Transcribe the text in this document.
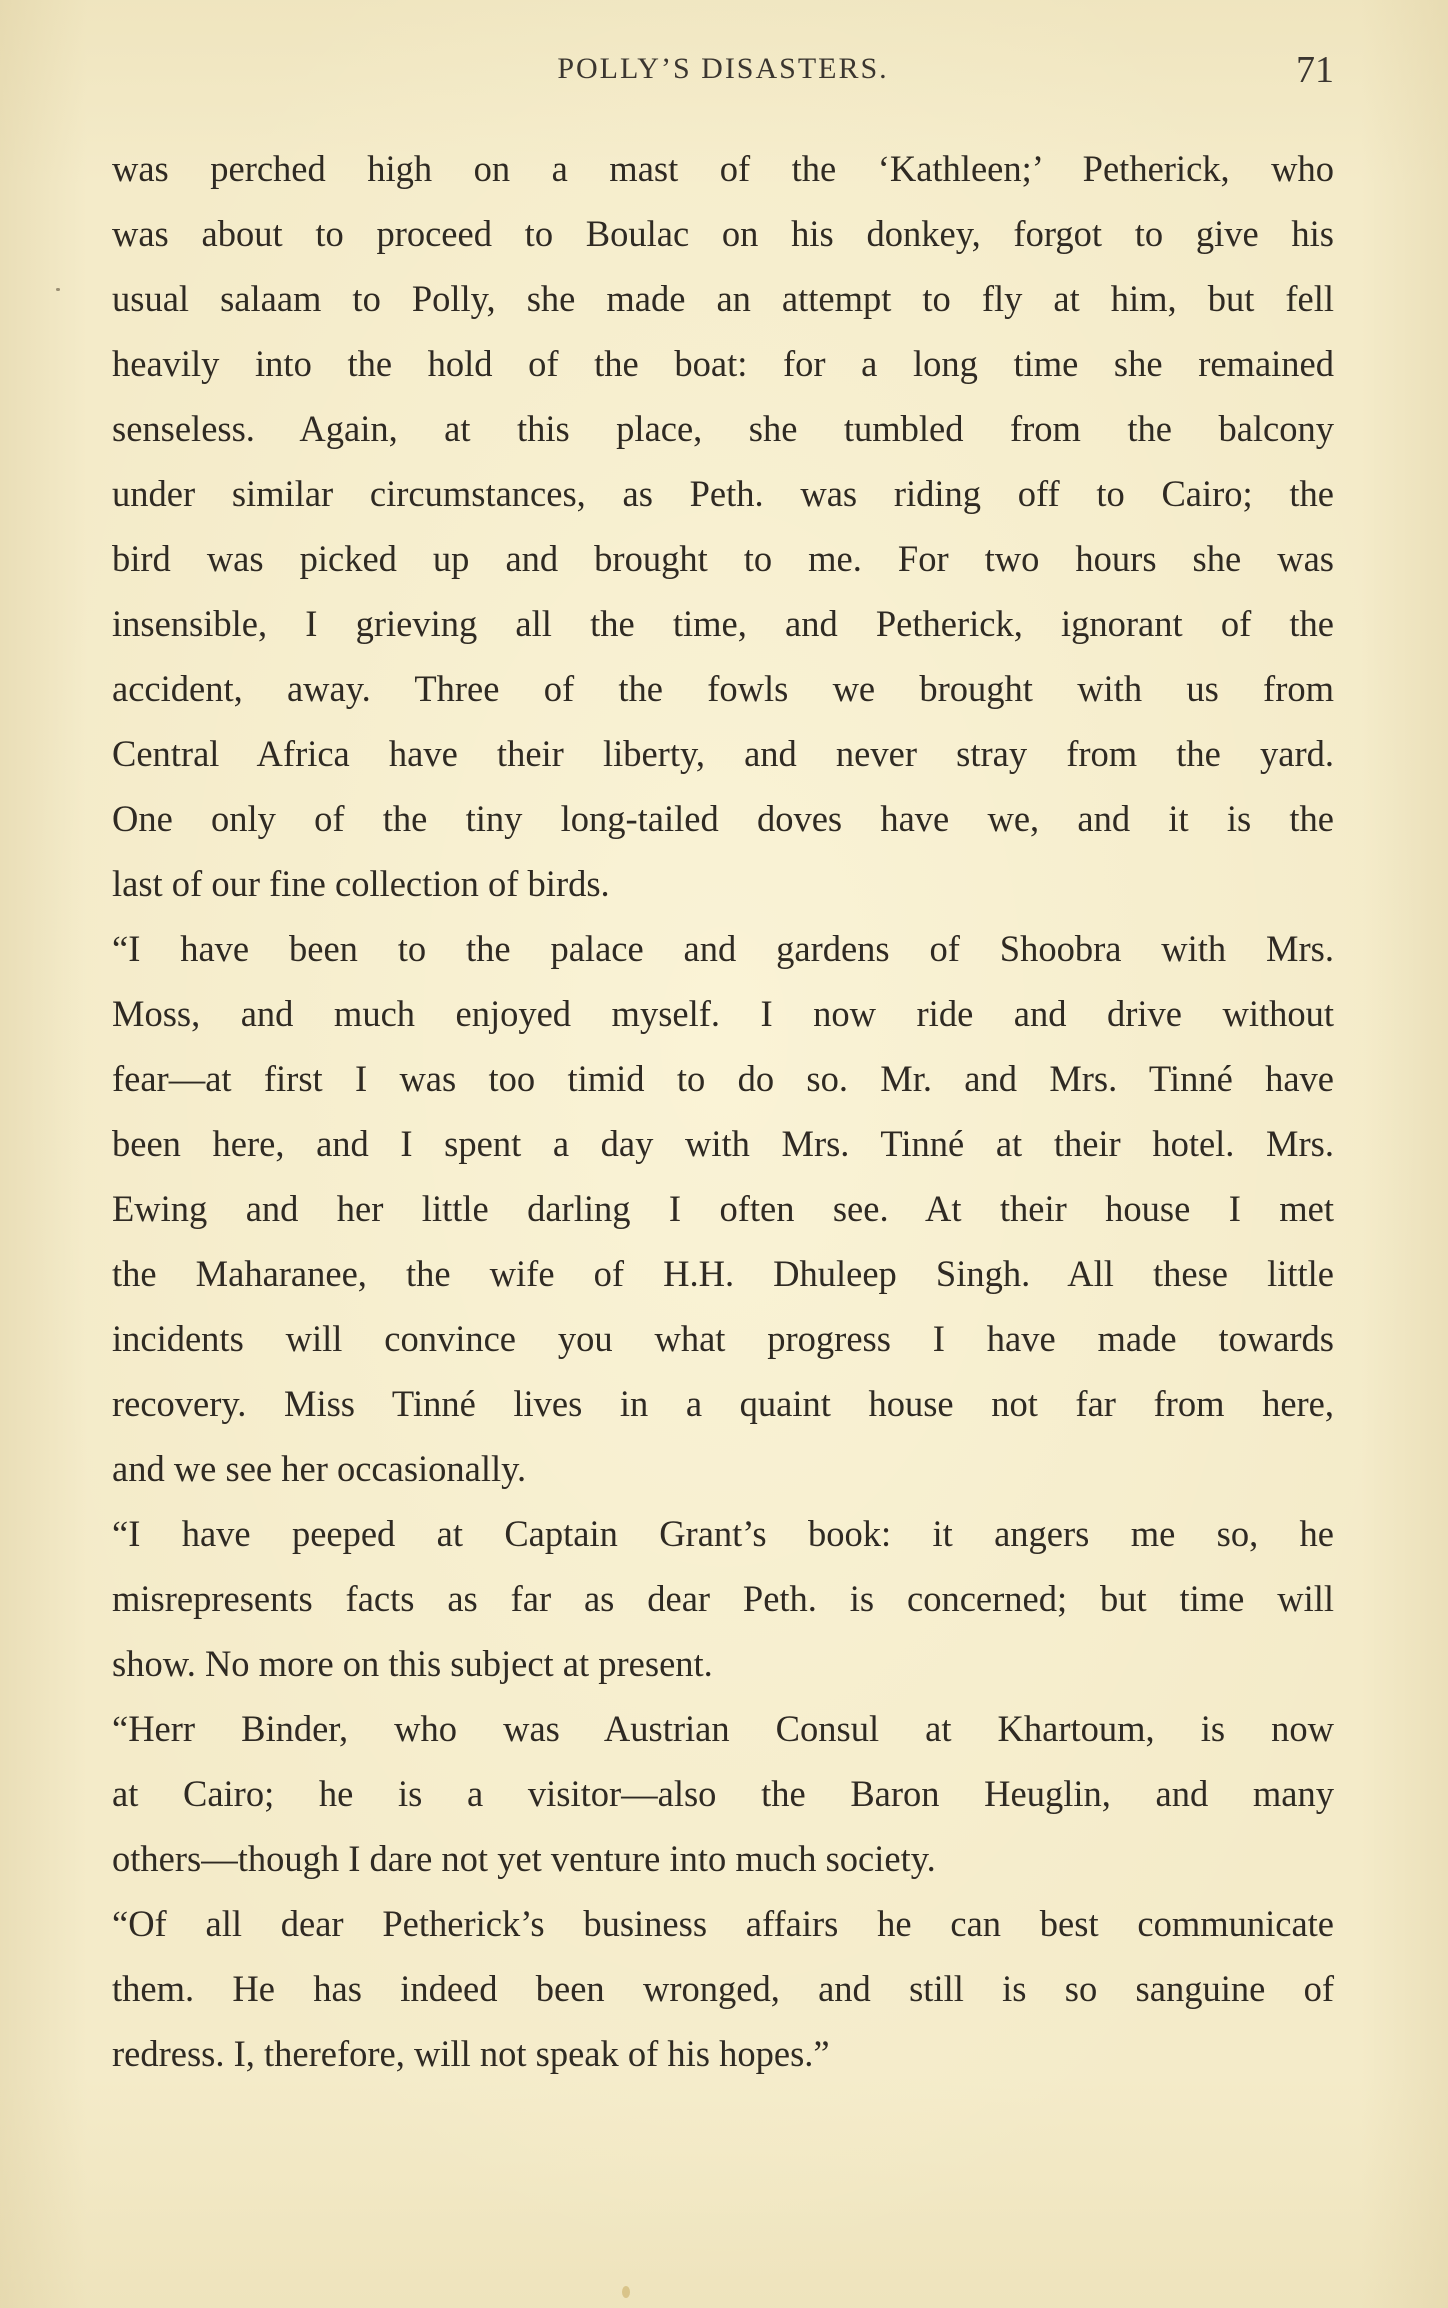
POLLY’S DISASTERS.	71
was perched high on a mast of the ‘Kathleen;’ Petherick, who
was about to proceed to Boulac on his donkey, forgot to give his
usual salaam to Polly, she made an attempt to fly at him, but fell
heavily into the hold of the boat: for a long time she remained
senseless. Again, at this place, she tumbled from the balcony
under similar circumstances, as Peth. was riding off to Cairo; the
bird was picked up and brought to me. For two hours she was
insensible, I grieving all the time, and Petherick, ignorant of the
accident, away. Three of the fowls we brought with us from
Central Africa have their liberty, and never stray from the yard.
One only of the tiny long-tailed doves have we, and it is the
last of our fine collection of birds.
“I have been to the palace and gardens of Shoobra with Mrs.
Moss, and much enjoyed myself. I now ride and drive without
fear—at first I was too timid to do so. Mr. and Mrs. Tinné have
been here, and I spent a day with Mrs. Tinné at their hotel. Mrs.
Ewing and her little darling I often see. At their house I met
the Maharanee, the wife of H.H. Dhuleep Singh. All these little
incidents will convince you what progress I have made towards
recovery. Miss Tinné lives in a quaint house not far from here,
and we see her occasionally.
“I have peeped at Captain Grant’s book: it angers me so, he
misrepresents facts as far as dear Peth. is concerned; but time will
show. No more on this subject at present.
“Herr Binder, who was Austrian Consul at Khartoum, is now
at Cairo; he is a visitor—also the Baron Heuglin, and many
others—though I dare not yet venture into much society.
“Of all dear Petherick’s business affairs he can best communicate
them. He has indeed been wronged, and still is so sanguine of
redress. I, therefore, will not speak of his hopes.”
